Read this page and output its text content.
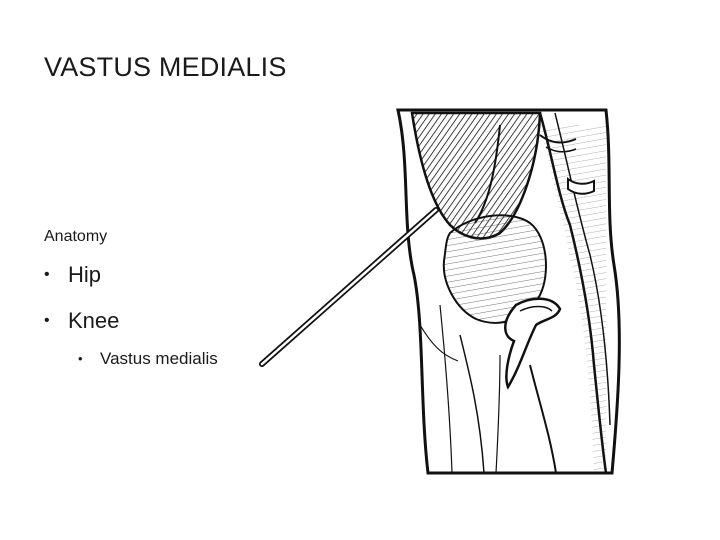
VASTUS MEDIALIS
Anatomy
• Hip
• Knee
• Vastus medialis
